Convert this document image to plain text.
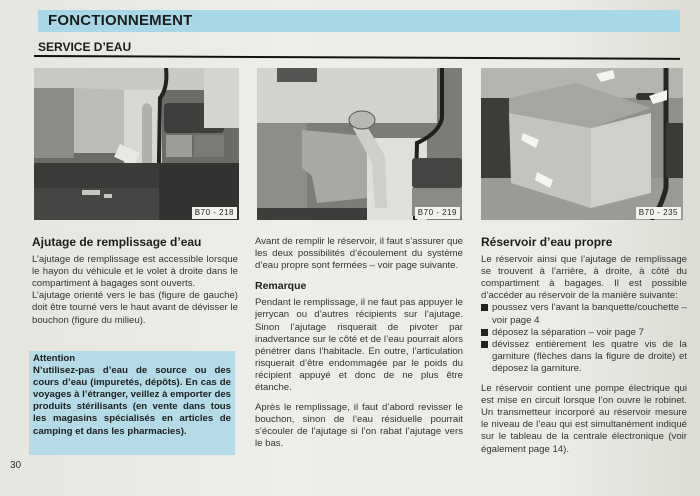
FONCTIONNEMENT
SERVICE D’EAU
B70 - 218	B70 - 219	B70 - 235
Ajutage de remplissage d’eau

L’ajutage de remplissage est accessible lorsque le hayon du véhicule et le volet à droite dans le compartiment à bagages sont ouverts.

L’ajutage orienté vers le bas (figure de gauche) doit être tourné vers le haut avant de dévisser le bouchon (figure du milieu).

Attention

N’utilisez-pas d’eau de source ou des cours d’eau (impuretés, dépôts). En cas de voyages à l’étranger, veillez à emporter des produits stérilisants (en vente dans tous les magasins spécialisés en articles de camping et dans les pharmacies).

Avant de remplir le réservoir, il faut s’assurer que les deux possibilités d’écoulement du système d’eau propre sont fermées – voir page suivante.

Remarque

Pendant le remplissage, il ne faut pas appuyer le jerrycan ou d’autres récipients sur l’ajutage. Sinon l’ajutage risquerait de pivoter par inadvertance sur le côté et de l’eau pourrait alors pénétrer dans l’habitacle. En outre, l’articulation risquerait d’être endommagée par le poids du récipient appuyé et donc de ne plus être étanche.

Après le remplissage, il faut d’abord revisser le bouchon, sinon de l’eau résiduelle pourrait s’écouler de l’ajutage si l’on rabat l’ajutage vers le bas.

Réservoir d’eau propre

Le réservoir ainsi que l’ajutage de remplissage se trouvent à l’arrière, à droite, à côté du compartiment à bagages. Il est possible d’accéder au réservoir de la manière suivante:

poussez vers l’avant la banquette/couchette – voir page 4

déposez la séparation – voir page 7

dévissez entièrement les quatre vis de la garniture (flèches dans la figure de droite) et déposez la garniture.

Le réservoir contient une pompe électrique qui est mise en circuit lorsque l’on ouvre le robinet. Un transmetteur incorporé au réservoir mesure le niveau de l’eau qui est simultanément indiqué sur le tableau de la centrale électronique (voir également page 14).

30
